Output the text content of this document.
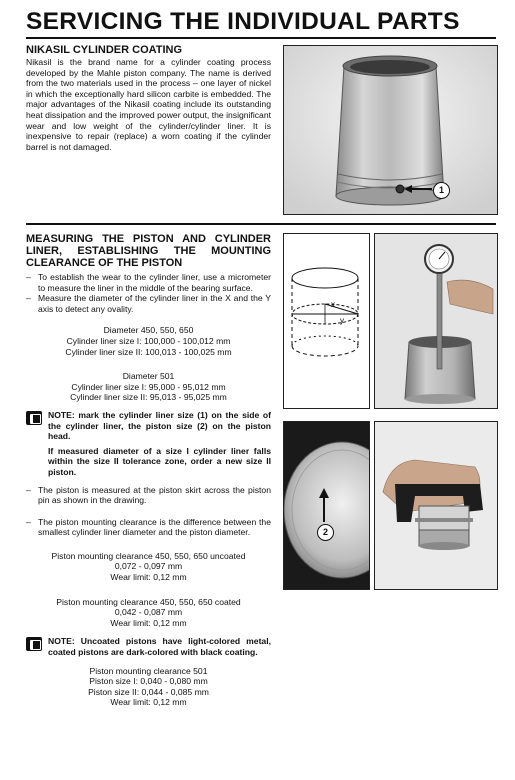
SERVICING THE INDIVIDUAL PARTS
NIKASIL CYLINDER COATING
Nikasil is the brand name for a cylinder coating process developed by the Mahle piston company. The name is derived from the two materials used in the process – one layer of nickel in which the exceptionally hard silicon carbite is embedded. The major advantages of the Nikasil coating include its outstanding heat dissipation and the improved power output, the insignificant wear and low weight of the cylinder/cylinder liner. It is inexpensive to repair (replace) a worn coating if the cylinder barrel is not damaged.
1
MEASURING THE PISTON AND CYLINDER LINER, ESTABLISHING THE MOUNTING CLEARANCE OF THE PISTON
– To establish the wear to the cylinder liner, use a micrometer to measure the liner in the middle of the bearing surface.
– Measure the diameter of the cylinder liner in the X and the Y axis to detect any ovality.
Diameter 450, 550, 650
Cylinder liner size I: 100,000 - 100,012 mm
Cylinder liner size II: 100,013 - 100,025 mm
Diameter 501
Cylinder liner size I: 95,000 - 95,012 mm
Cylinder liner size II: 95,013 - 95,025 mm
NOTE: mark the cylinder liner size (1) on the side of the cylinder liner, the piston size (2) on the piston head.
If measured diameter of a size I cylinder liner falls within the size II tolerance zone, order a new size II piston.
– The piston is measured at the piston skirt across the piston pin as shown in the drawing.
– The piston mounting clearance is the difference between the smallest cylinder liner diameter and the piston diameter.
Piston mounting clearance 450, 550, 650 uncoated
0,072 - 0,097 mm
Wear limit: 0,12 mm
Piston mounting clearance 450, 550, 650 coated
0,042 - 0,087 mm
Wear limit: 0,12 mm
NOTE: Uncoated pistons have light-colored metal, coated pistons are dark-colored with black coating.
Piston mounting clearance 501
Piston size I: 0,040 - 0,080 mm
Piston size II: 0,044 - 0,085 mm
Wear limit: 0,12 mm
x
y
2
